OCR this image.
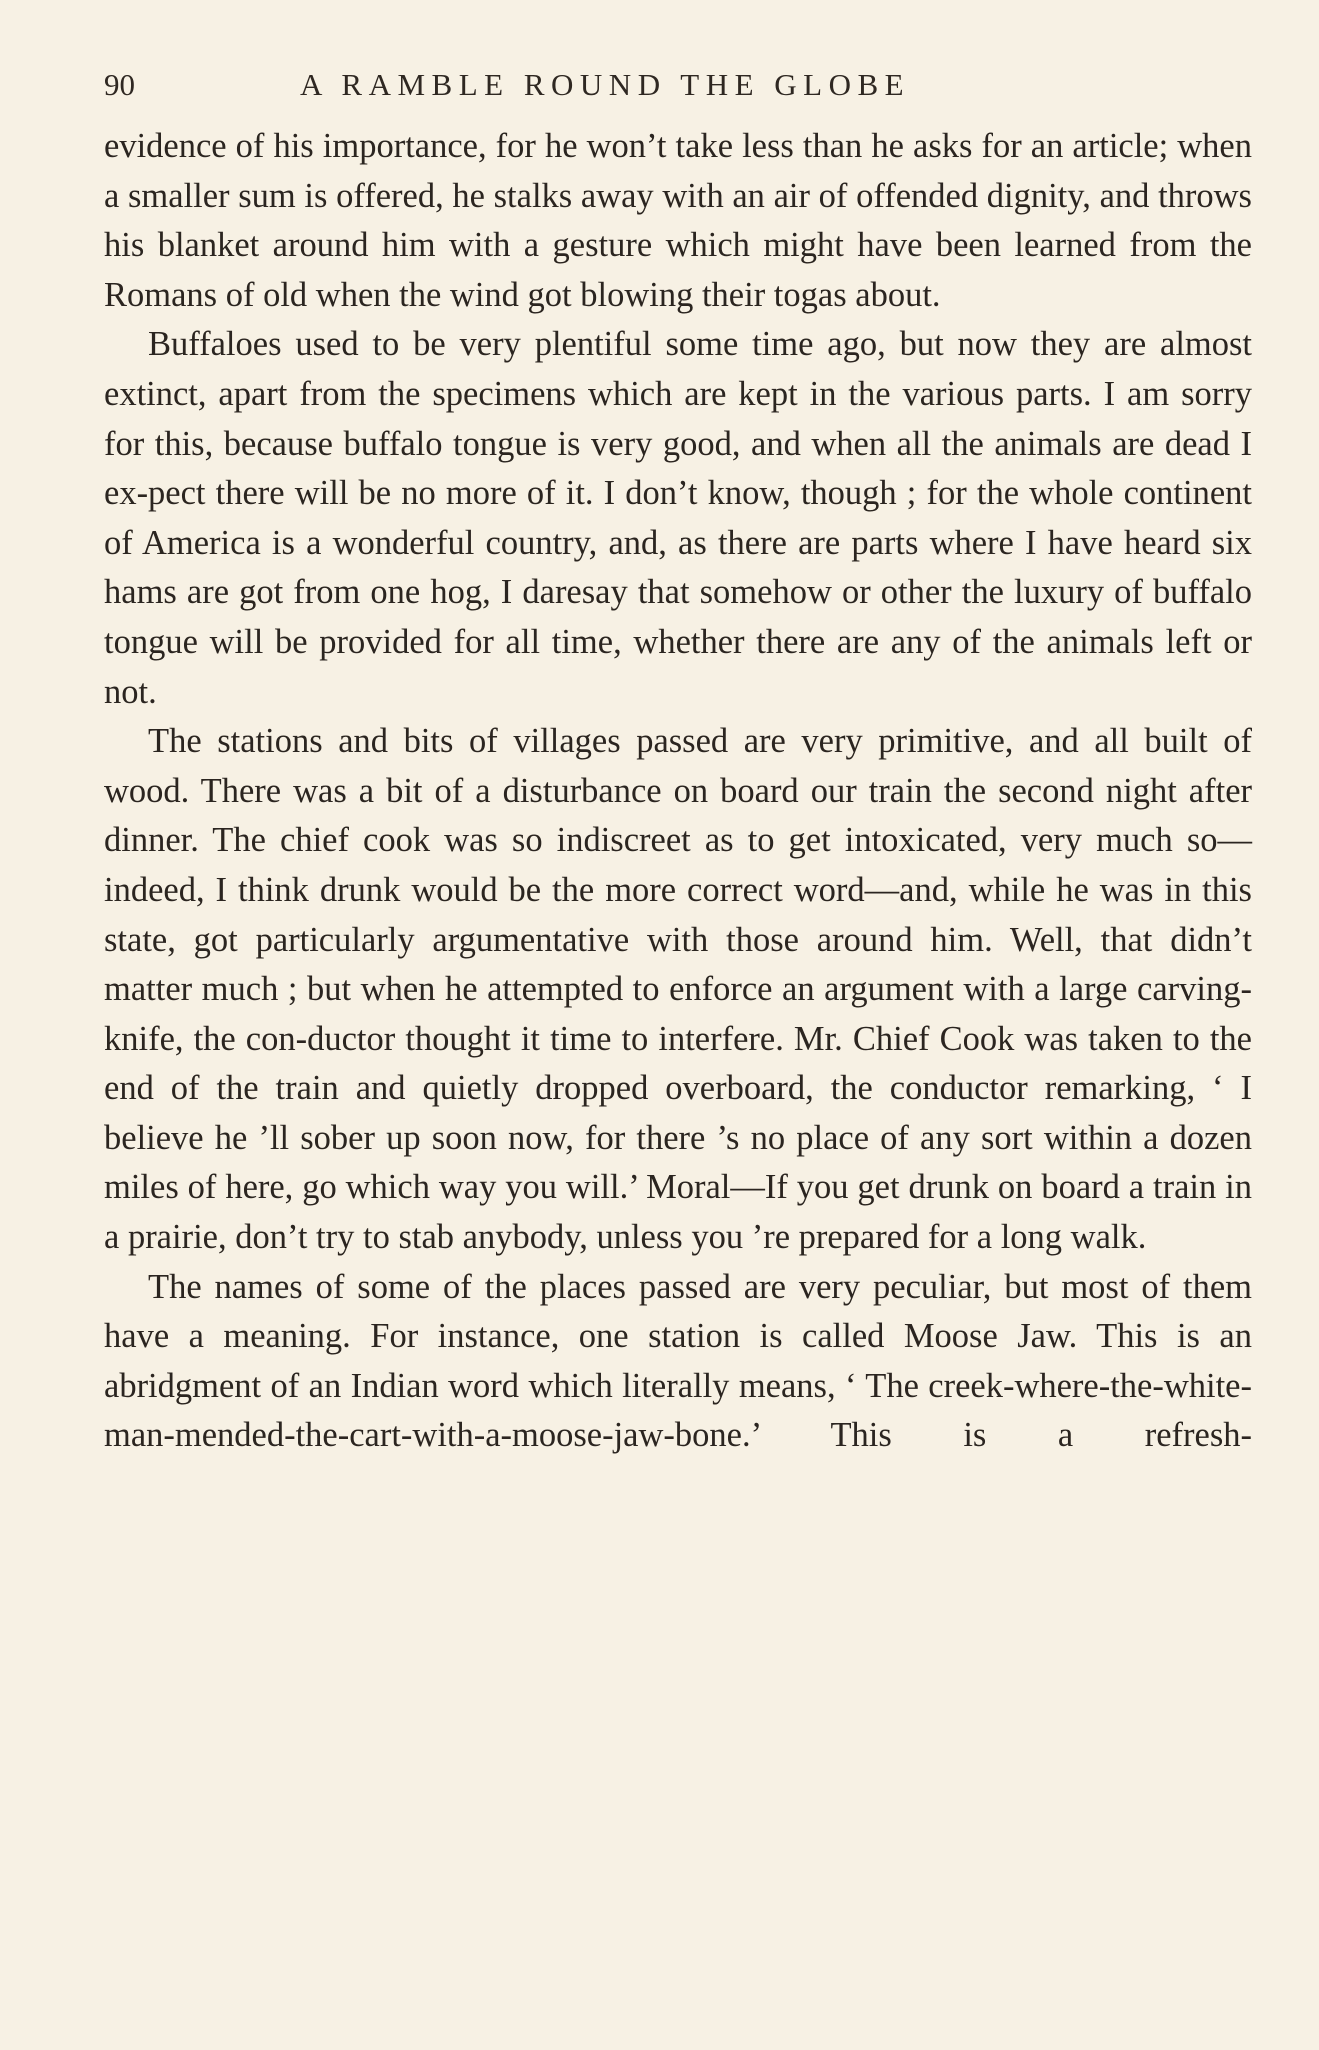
90	A RAMBLE ROUND THE GLOBE

evidence of his importance, for he won’t take less than he asks for an article; when a smaller sum is offered, he stalks away with an air of offended dignity, and throws his blanket around him with a gesture which might have been learned from the Romans of old when the wind got blowing their togas about.

Buffaloes used to be very plentiful some time ago, but now they are almost extinct, apart from the specimens which are kept in the various parts. I am sorry for this, because buffalo tongue is very good, and when all the animals are dead I ex-pect there will be no more of it. I don’t know, though ; for the whole continent of America is a wonderful country, and, as there are parts where I have heard six hams are got from one hog, I daresay that somehow or other the luxury of buffalo tongue will be provided for all time, whether there are any of the animals left or not.

The stations and bits of villages passed are very primitive, and all built of wood. There was a bit of a disturbance on board our train the second night after dinner. The chief cook was so indiscreet as to get intoxicated, very much so—indeed, I think drunk would be the more correct word—and, while he was in this state, got particularly argumentative with those around him. Well, that didn’t matter much ; but when he attempted to enforce an argument with a large carving-knife, the con-ductor thought it time to interfere. Mr. Chief Cook was taken to the end of the train and quietly dropped overboard, the conductor remarking, ‘ I believe he ’ll sober up soon now, for there ’s no place of any sort within a dozen miles of here, go which way you will.’ Moral—If you get drunk on board a train in a prairie, don’t try to stab anybody, unless you ’re prepared for a long walk.

The names of some of the places passed are very peculiar, but most of them have a meaning. For instance, one station is called Moose Jaw. This is an abridgment of an Indian word which literally means, ‘ The creek-where-the-white-man-mended-the-cart-with-a-moose-jaw-bone.’ This is a refresh-
